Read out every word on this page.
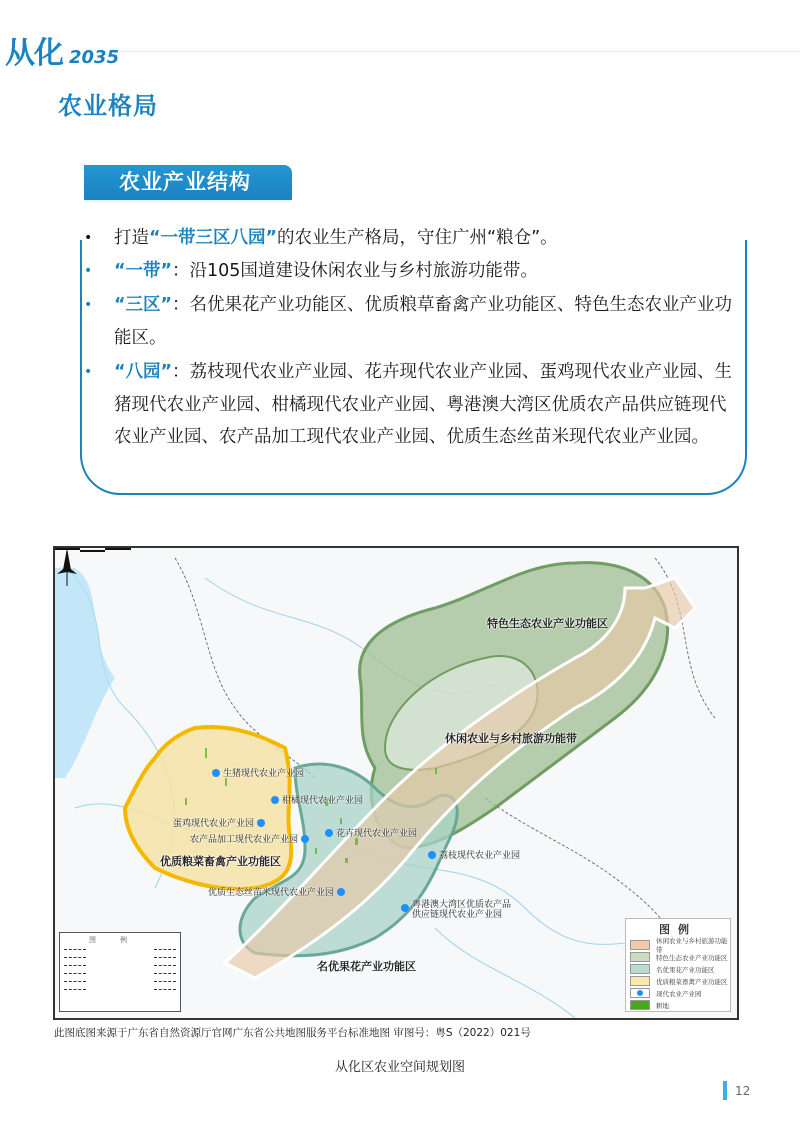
从化 2035
农业格局
农业产业结构
• 打造“一带三区八园”的农业生产格局，守住广州“粮仓”。
• “一带”：沿105国道建设休闲农业与乡村旅游功能带。
• “三区”：名优果花产业功能区、优质粮草畜禽产业功能区、特色生态农业产业功能区。
• “八园”：荔枝现代农业产业园、花卉现代农业产业园、蛋鸡现代农业产业园、生猪现代农业产业园、柑橘现代农业产业园、粤港澳大湾区优质农产品供应链现代农业产业园、农产品加工现代农业产业园、优质生态丝苗米现代农业产业园。
特色生态农业产业功能区
休闲农业与乡村旅游功能带
优质粮菜畜禽产业功能区
名优果花产业功能区
生猪现代农业产业园
柑橘现代农业产业园
蛋鸡现代农业产业园
农产品加工现代农业产业园
花卉现代农业产业园
荔枝现代农业产业园
优质生态丝苗米现代农业产业园
粤港澳大湾区优质农产品
供应链现代农业产业园
图例
图例
休闲农业与乡村旅游功能带
特色生态农业产业功能区
名优果花产业功能区
优质粮菜畜禽产业功能区
现代农业产业园
耕地
此图底图来源于广东省自然资源厅官网广东省公共地图服务平台标准地图 审图号：粤S（2022）021号
从化区农业空间规划图
12
